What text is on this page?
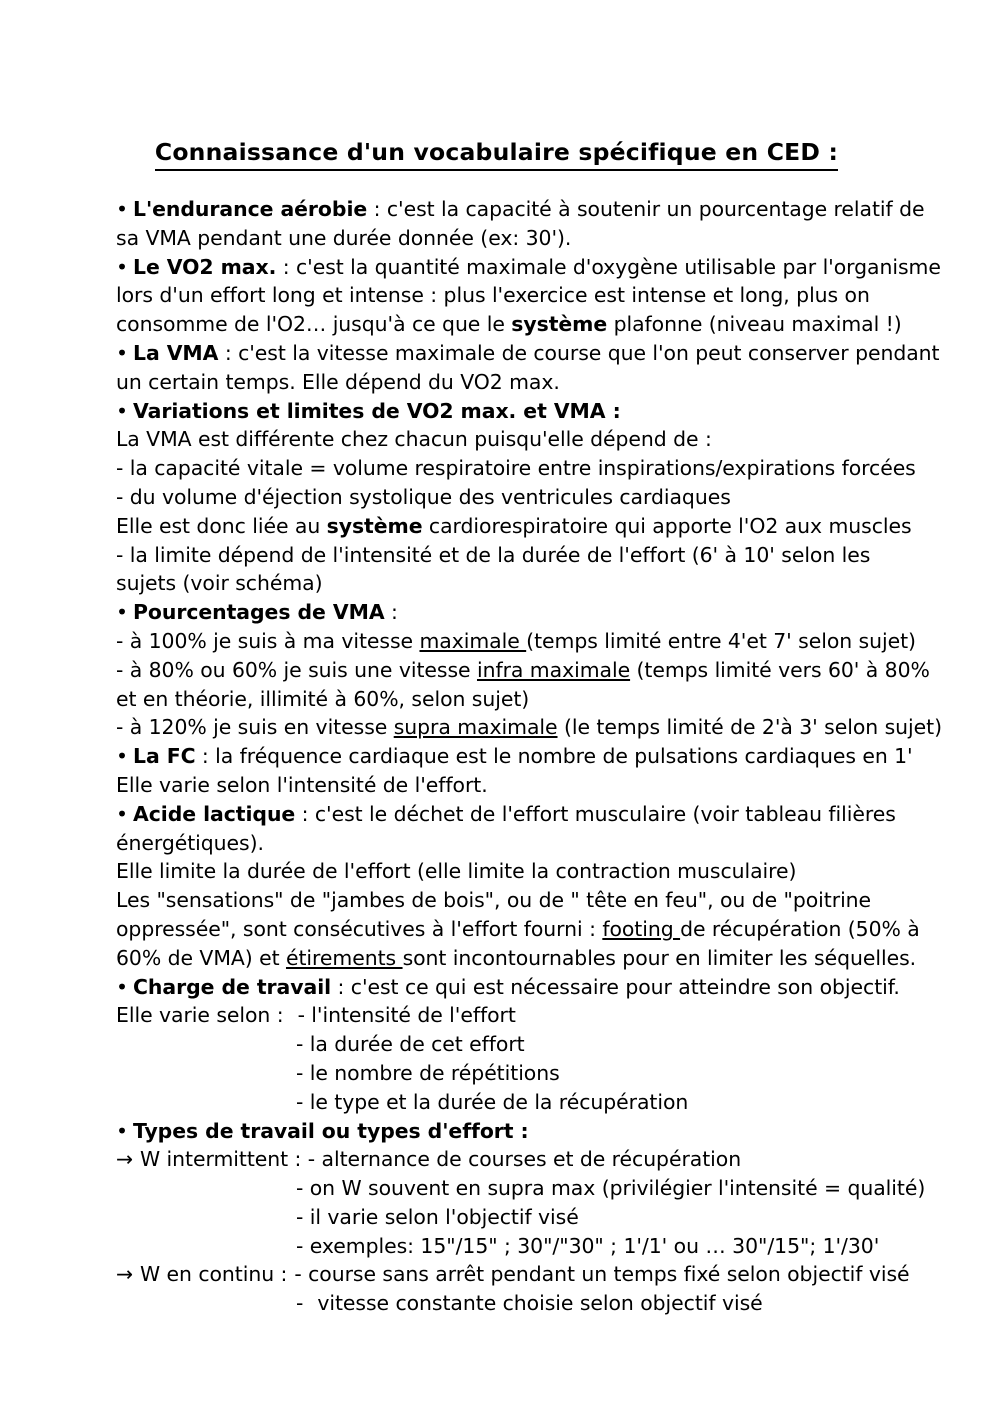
Connaissance d'un vocabulaire spécifique en CED :
• L'endurance aérobie : c'est la capacité à soutenir un pourcentage relatif de
sa VMA pendant une durée donnée (ex: 30').
• Le VO2 max. : c'est la quantité maximale d'oxygène utilisable par l'organisme
lors d'un effort long et intense : plus l'exercice est intense et long, plus on
consomme de l'O2… jusqu'à ce que le système plafonne (niveau maximal !)
• La VMA : c'est la vitesse maximale de course que l'on peut conserver pendant
un certain temps. Elle dépend du VO2 max.
• Variations et limites de VO2 max. et VMA :
La VMA est différente chez chacun puisqu'elle dépend de :
- la capacité vitale = volume respiratoire entre inspirations/expirations forcées
- du volume d'éjection systolique des ventricules cardiaques
Elle est donc liée au système cardiorespiratoire qui apporte l'O2 aux muscles
- la limite dépend de l'intensité et de la durée de l'effort (6' à 10' selon les
sujets (voir schéma)
• Pourcentages de VMA :
- à 100% je suis à ma vitesse maximale (temps limité entre 4'et 7' selon sujet)
- à 80% ou 60% je suis une vitesse infra maximale (temps limité vers 60' à 80%
et en théorie, illimité à 60%, selon sujet)
- à 120% je suis en vitesse supra maximale (le temps limité de 2'à 3' selon sujet)
• La FC : la fréquence cardiaque est le nombre de pulsations cardiaques en 1'
Elle varie selon l'intensité de l'effort.
• Acide lactique : c'est le déchet de l'effort musculaire (voir tableau filières
énergétiques).
Elle limite la durée de l'effort (elle limite la contraction musculaire)
Les "sensations" de "jambes de bois", ou de " tête en feu", ou de "poitrine
oppressée", sont consécutives à l'effort fourni : footing de récupération (50% à
60% de VMA) et étirements sont incontournables pour en limiter les séquelles.
• Charge de travail : c'est ce qui est nécessaire pour atteindre son objectif.
Elle varie selon : - l'intensité de l'effort
- la durée de cet effort
- le nombre de répétitions
- le type et la durée de la récupération
• Types de travail ou types d'effort :
→ W intermittent : - alternance de courses et de récupération
- on W souvent en supra max (privilégier l'intensité = qualité)
- il varie selon l'objectif visé
- exemples: 15"/15" ; 30"/"30" ; 1'/1' ou … 30"/15"; 1'/30'
→ W en continu : - course sans arrêt pendant un temps fixé selon objectif visé
- vitesse constante choisie selon objectif visé
